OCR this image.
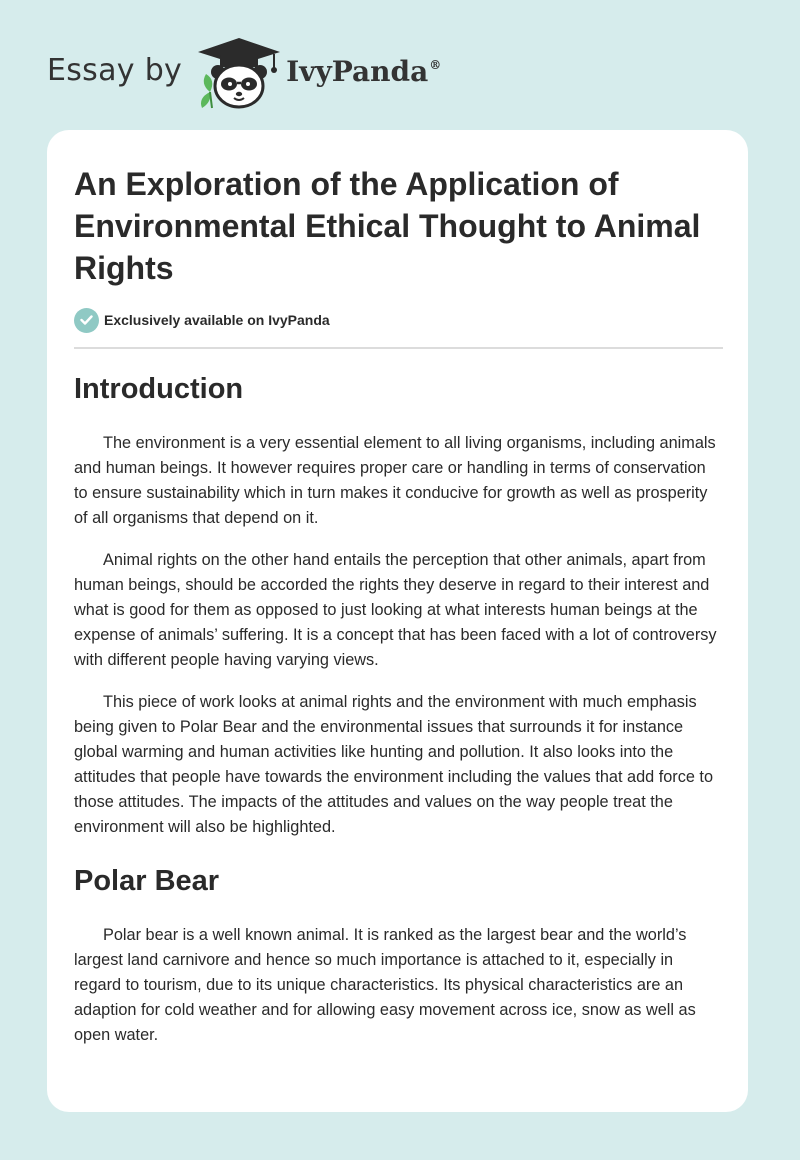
Essay by	IvyPanda®
An Exploration of the Application of Environmental Ethical Thought to Animal Rights
Exclusively available on IvyPanda
Introduction

The environment is a very essential element to all living organisms, including animals and human beings. It however requires proper care or handling in terms of conservation to ensure sustainability which in turn makes it conducive for growth as well as prosperity of all organisms that depend on it.

Animal rights on the other hand entails the perception that other animals, apart from human beings, should be accorded the rights they deserve in regard to their interest and what is good for them as opposed to just looking at what interests human beings at the expense of animals’ suffering. It is a concept that has been faced with a lot of controversy with different people having varying views.

This piece of work looks at animal rights and the environment with much emphasis being given to Polar Bear and the environmental issues that surrounds it for instance global warming and human activities like hunting and pollution. It also looks into the attitudes that people have towards the environment including the values that add force to those attitudes. The impacts of the attitudes and values on the way people treat the environment will also be highlighted.

Polar Bear

Polar bear is a well known animal. It is ranked as the largest bear and the world’s largest land carnivore and hence so much importance is attached to it, especially in regard to tourism, due to its unique characteristics. Its physical characteristics are an adaption for cold weather and for allowing easy movement across ice, snow as well as open water.
